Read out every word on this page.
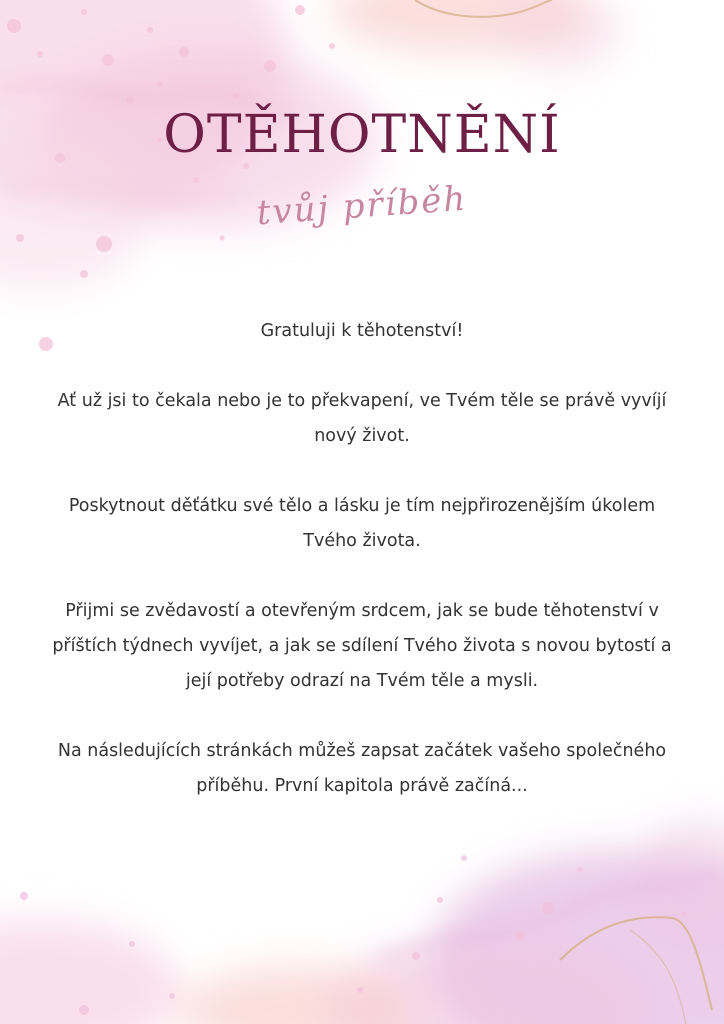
OTĚHOTNĚNÍ
tvůj příběh

Gratuluji k těhotenství!

Ať už jsi to čekala nebo je to překvapení, ve Tvém těle se právě vyvíjí nový život.

Poskytnout děťátku své tělo a lásku je tím nejpřirozenějším úkolem Tvého života.

Přijmi se zvědavostí a otevřeným srdcem, jak se bude těhotenství v příštích týdnech vyvíjet, a jak se sdílení Tvého života s novou bytostí a její potřeby odrazí na Tvém těle a mysli.

Na následujících stránkách můžeš zapsat začátek vašeho společného příběhu. První kapitola právě začíná...
